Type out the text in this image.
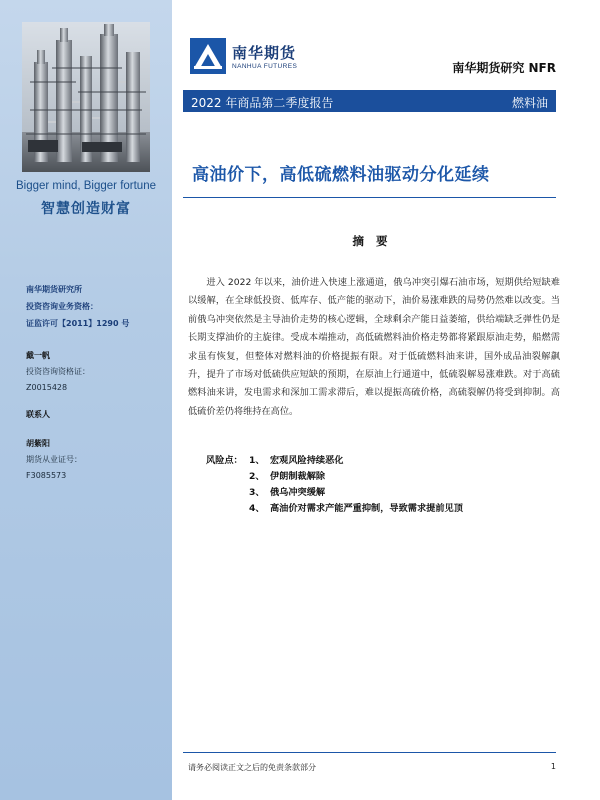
Bigger mind, Bigger fortune
智慧创造财富
南华期货研究所
投资咨询业务资格：
证监许可【2011】1290 号
戴一帆
投资咨询资格证：
Z0015428
联系人
胡紫阳
期货从业证号：
F3085573
南华期货
NANHUA FUTURES	南华期货研究 NFR
2022 年商品第二季度报告	燃料油
高油价下，高低硫燃料油驱动分化延续
摘 要

进入 2022 年以来，油价进入快速上涨通道，俄乌冲突引爆石油市场，短期供给短缺难以缓解，在全球低投资、低库存、低产能的驱动下，油价易涨难跌的局势仍然难以改变。当前俄乌冲突依然是主导油价走势的核心逻辑，全球剩余产能日益萎缩，供给端缺乏弹性仍是长期支撑油价的主旋律。受成本端推动，高低硫燃料油价格走势都将紧跟原油走势，船燃需求虽有恢复，但整体对燃料油的价格提振有限。对于低硫燃料油来讲，国外成品油裂解飙升，提升了市场对低硫供应短缺的预期，在原油上行通道中，低硫裂解易涨难跌。对于高硫燃料油来讲，发电需求和深加工需求滞后，难以提振高硫价格，高硫裂解仍将受到抑制。高低硫价差仍将维持在高位。

风险点： 1、 宏观风险持续恶化
2、 伊朗制裁解除
3、 俄乌冲突缓解
4、 高油价对需求产能严重抑制，导致需求提前见顶
请务必阅读正文之后的免责条款部分	1
